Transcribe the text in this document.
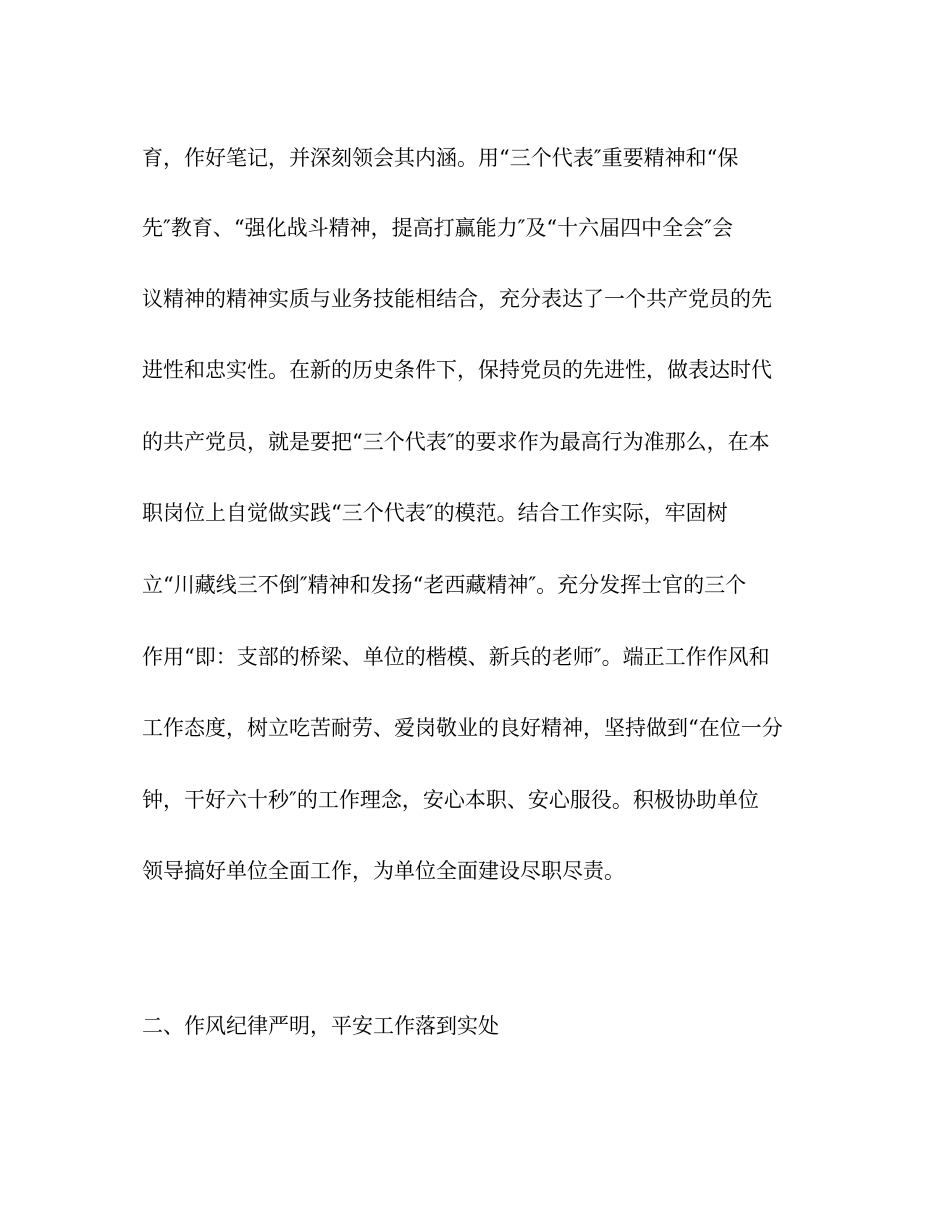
育，作好笔记，并深刻领会其内涵。用“三个代表″重要精神和“保
先″教育、“强化战斗精神，提高打赢能力″及“十六届四中全会″会
议精神的精神实质与业务技能相结合，充分表达了一个共产党员的先
进性和忠实性。在新的历史条件下，保持党员的先进性，做表达时代
的共产党员，就是要把“三个代表″的要求作为最高行为准那么，在本
职岗位上自觉做实践“三个代表″的模范。结合工作实际，牢固树
立“川藏线三不倒″精神和发扬“老西藏精神″。充分发挥士官的三个
作用“即：支部的桥梁、单位的楷模、新兵的老师″。端正工作作风和
工作态度，树立吃苦耐劳、爱岗敬业的良好精神，坚持做到“在位一分
钟，干好六十秒″的工作理念，安心本职、安心服役。积极协助单位
领导搞好单位全面工作，为单位全面建设尽职尽责。
二、作风纪律严明，平安工作落到实处
